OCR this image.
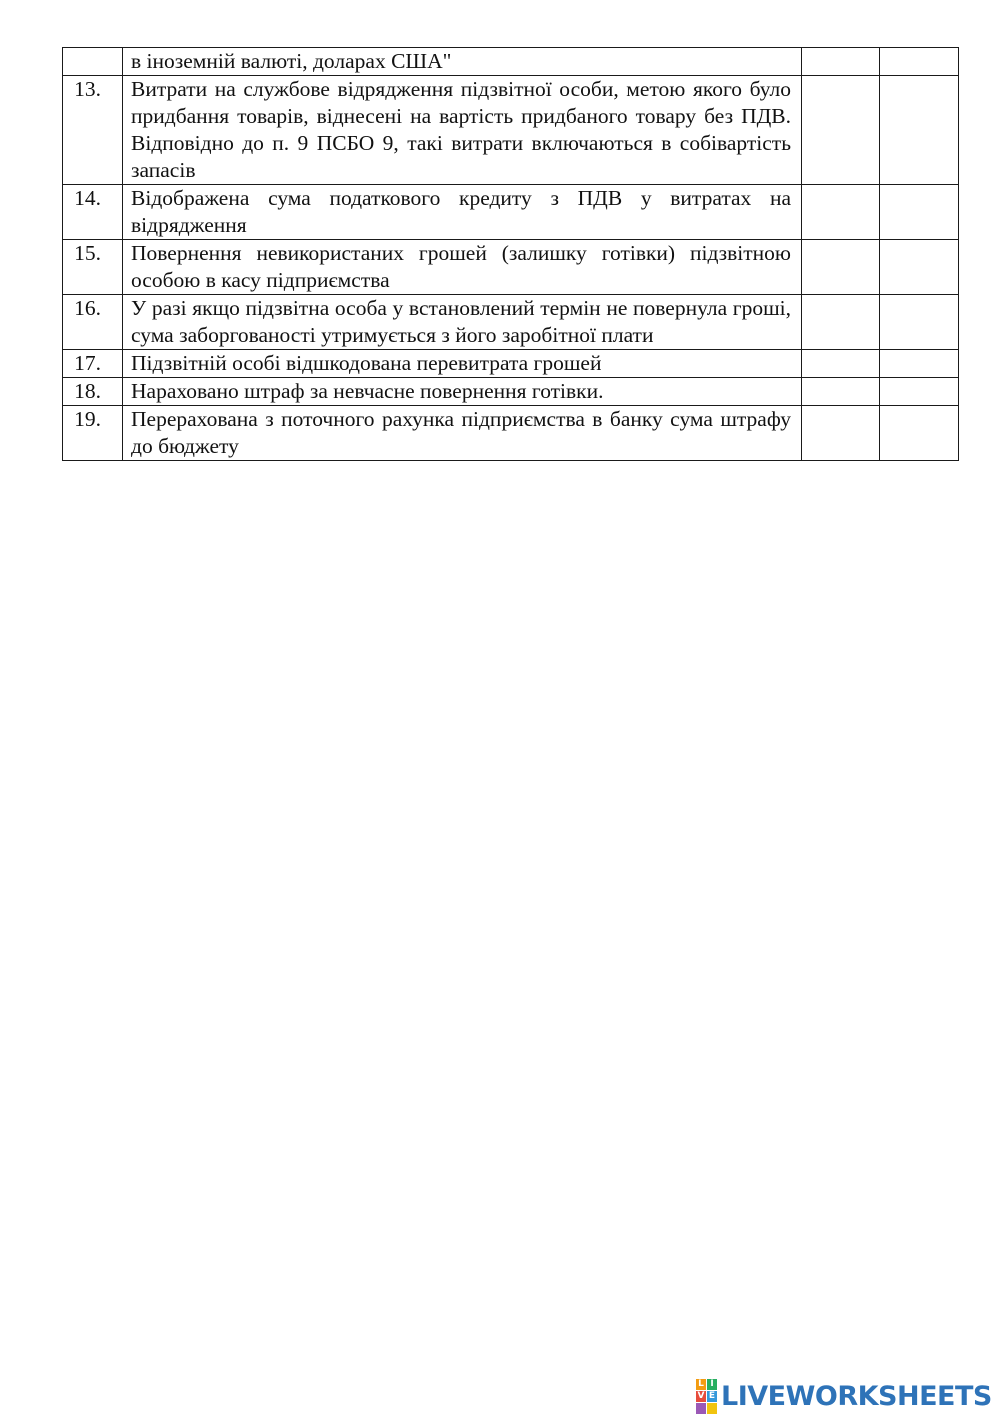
	в іноземній валюті, доларах США"		

13.	Витрати на службове відрядження підзвітної особи, метою якого було придбання товарів, віднесені на вартість придбаного товару без ПДВ. Відповідно до п. 9 ПСБО 9, такі витрати включаються в собівартість запасів		

14.	Відображена сума податкового кредиту з ПДВ у витратах на відрядження		

15.	Повернення невикористаних грошей (залишку готівки) підзвітною особою в касу підприємства		

16.	У разі якщо підзвітна особа у встановлений термін не повернула гроші, сума заборгованості утримується з його заробітної плати		

17.	Підзвітній особі відшкодована перевитрата грошей		

18.	Нараховано штраф за невчасне повернення готівки.		

19.	Перерахована з поточного рахунка підприємства в банку сума штрафу до бюджету		
L I
V E LIVEWORKSHEETS
